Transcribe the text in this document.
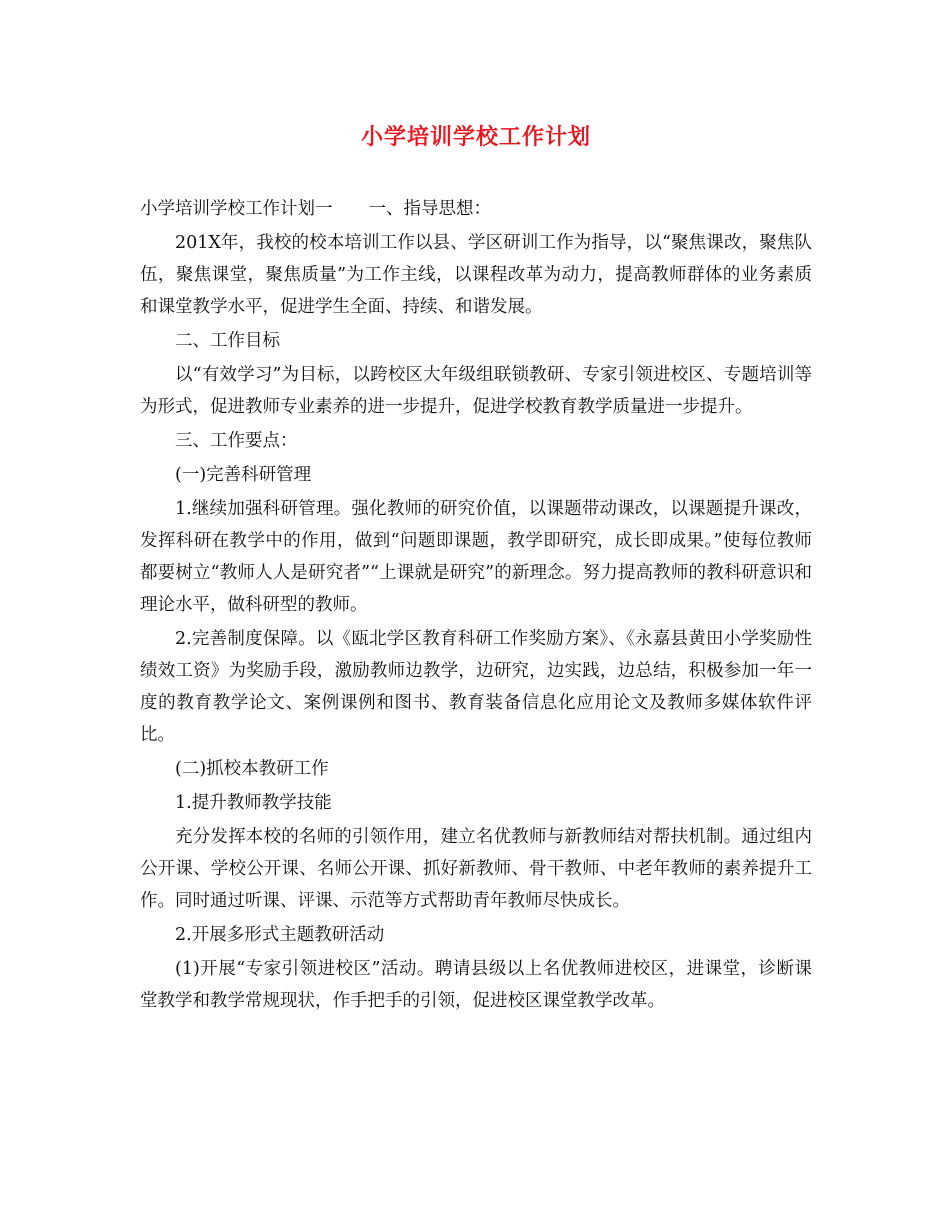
小学培训学校工作计划

小学培训学校工作计划一 一、指导思想：

201X年，我校的校本培训工作以县、学区研训工作为指导，以“聚焦课改，聚焦队伍，聚焦课堂，聚焦质量”为工作主线，以课程改革为动力，提高教师群体的业务素质和课堂教学水平，促进学生全面、持续、和谐发展。

二、工作目标

以“有效学习”为目标，以跨校区大年级组联锁教研、专家引领进校区、专题培训等为形式，促进教师专业素养的进一步提升，促进学校教育教学质量进一步提升。

三、工作要点：

(一)完善科研管理

1.继续加强科研管理。强化教师的研究价值，以课题带动课改，以课题提升课改，发挥科研在教学中的作用，做到“问题即课题，教学即研究，成长即成果。”使每位教师都要树立“教师人人是研究者”“上课就是研究”的新理念。努力提高教师的教科研意识和理论水平，做科研型的教师。

2.完善制度保障。以《瓯北学区教育科研工作奖励方案》、《永嘉县黄田小学奖励性绩效工资》为奖励手段，激励教师边教学，边研究，边实践，边总结，积极参加一年一度的教育教学论文、案例课例和图书、教育装备信息化应用论文及教师多媒体软件评比。

(二)抓校本教研工作

1.提升教师教学技能

充分发挥本校的名师的引领作用，建立名优教师与新教师结对帮扶机制。通过组内公开课、学校公开课、名师公开课、抓好新教师、骨干教师、中老年教师的素养提升工作。同时通过听课、评课、示范等方式帮助青年教师尽快成长。

2.开展多形式主题教研活动

(1)开展“专家引领进校区”活动。聘请县级以上名优教师进校区，进课堂，诊断课堂教学和教学常规现状，作手把手的引领，促进校区课堂教学改革。
